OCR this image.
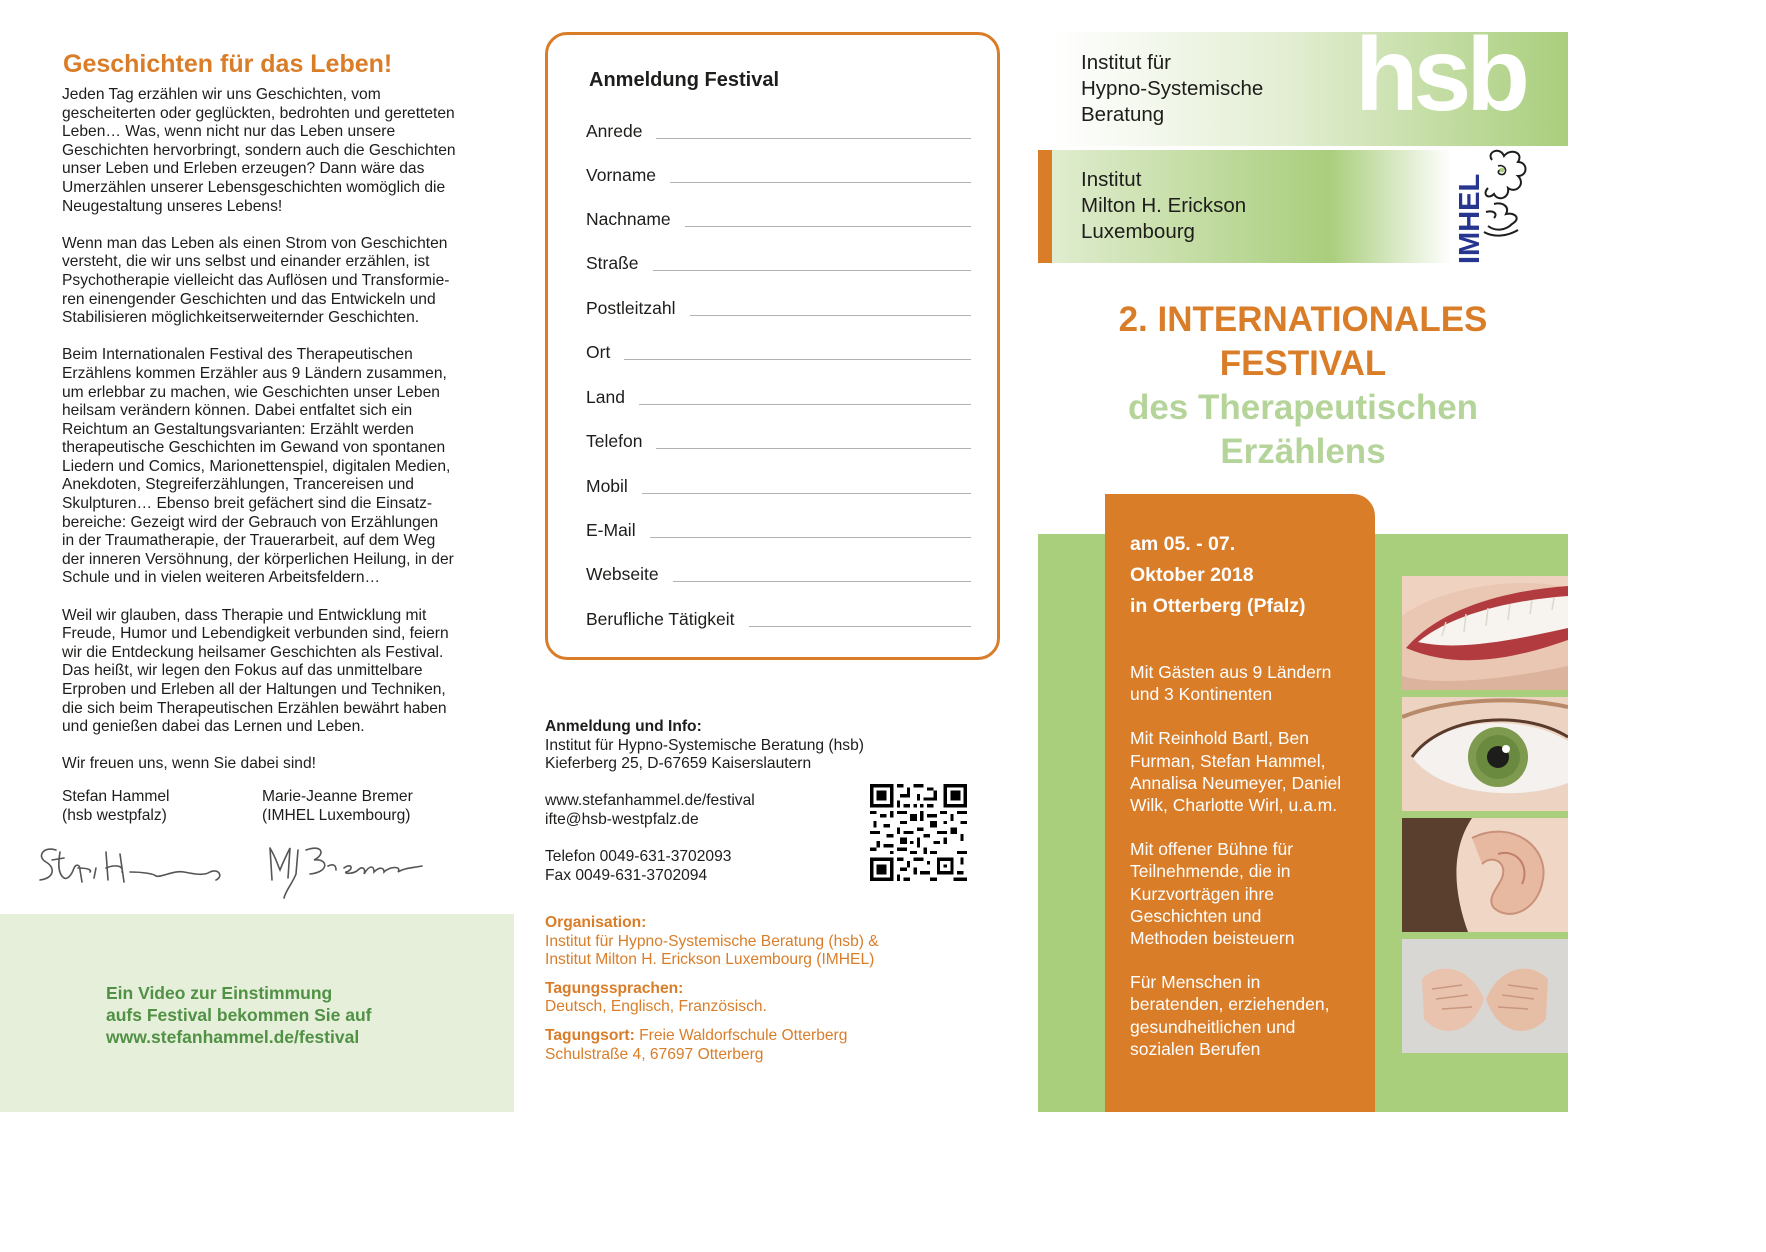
Geschichten für das Leben!

Jeden Tag erzählen wir uns Geschichten, vom
gescheiterten oder geglückten, bedrohten und geretteten
Leben… Was, wenn nicht nur das Leben unsere
Geschichten hervorbringt, sondern auch die Geschichten
unser Leben und Erleben erzeugen? Dann wäre das
Umerzählen unserer Lebensgeschichten womöglich die
Neugestaltung unseres Lebens!

Wenn man das Leben als einen Strom von Geschichten
versteht, die wir uns selbst und einander erzählen, ist
Psychotherapie vielleicht das Auflösen und Transformie-
ren einengender Geschichten und das Entwickeln und
Stabilisieren möglichkeitserweiternder Geschichten.

Beim Internationalen Festival des Therapeutischen
Erzählens kommen Erzähler aus 9 Ländern zusammen,
um erlebbar zu machen, wie Geschichten unser Leben
heilsam verändern können. Dabei entfaltet sich ein
Reichtum an Gestaltungsvarianten: Erzählt werden
therapeutische Geschichten im Gewand von spontanen
Liedern und Comics, Marionettenspiel, digitalen Medien,
Anekdoten, Stegreiferzählungen, Trancereisen und
Skulpturen… Ebenso breit gefächert sind die Einsatz-
bereiche: Gezeigt wird der Gebrauch von Erzählungen
in der Traumatherapie, der Trauerarbeit, auf dem Weg
der inneren Versöhnung, der körperlichen Heilung, in der
Schule und in vielen weiteren Arbeitsfeldern…

Weil wir glauben, dass Therapie und Entwicklung mit
Freude, Humor und Lebendigkeit verbunden sind, feiern
wir die Entdeckung heilsamer Geschichten als Festival.
Das heißt, wir legen den Fokus auf das unmittelbare
Erproben und Erleben all der Haltungen und Techniken,
die sich beim Therapeutischen Erzählen bewährt haben
und genießen dabei das Lernen und Leben.

Wir freuen uns, wenn Sie dabei sind!

Stefan Hammel
(hsb westpfalz)
Marie-Jeanne Bremer
(IMHEL Luxembourg)
Ein Video zur Einstimmung
aufs Festival bekommen Sie auf
www.stefanhammel.de/festival
Anmeldung Festival
Anrede
Vorname
Nachname
Straße
Postleitzahl
Ort
Land
Telefon
Mobil
E-Mail
Webseite
Berufliche Tätigkeit
Anmeldung und Info:
Institut für Hypno-Systemische Beratung (hsb)
Kieferberg 25, D-67659 Kaiserslautern
www.stefanhammel.de/festival
ifte@hsb-westpfalz.de
Telefon 0049-631-3702093
Fax 0049-631-3702094
Organisation:
Institut für Hypno-Systemische Beratung (hsb) &
Institut Milton H. Erickson Luxembourg (IMHEL)
Tagungssprachen:
Deutsch, Englisch, Französisch.
Tagungsort: Freie Waldorfschule Otterberg
Schulstraße 4, 67697 Otterberg
Institut für
Hypno-Systemische
Beratung	hsb
Institut
Milton H. Erickson
Luxembourg	IMHEL
2. INTERNATIONALES
FESTIVAL
des Therapeutischen
Erzählens
am 05. - 07.
Oktober 2018
in Otterberg (Pfalz)

Mit Gästen aus 9 Ländern
und 3 Kontinenten

Mit Reinhold Bartl, Ben
Furman, Stefan Hammel,
Annalisa Neumeyer, Daniel
Wilk, Charlotte Wirl, u.a.m.

Mit offener Bühne für
Teilnehmende, die in
Kurzvorträgen ihre
Geschichten und
Methoden beisteuern

Für Menschen in
beratenden, erziehenden,
gesundheitlichen und
sozialen Berufen
